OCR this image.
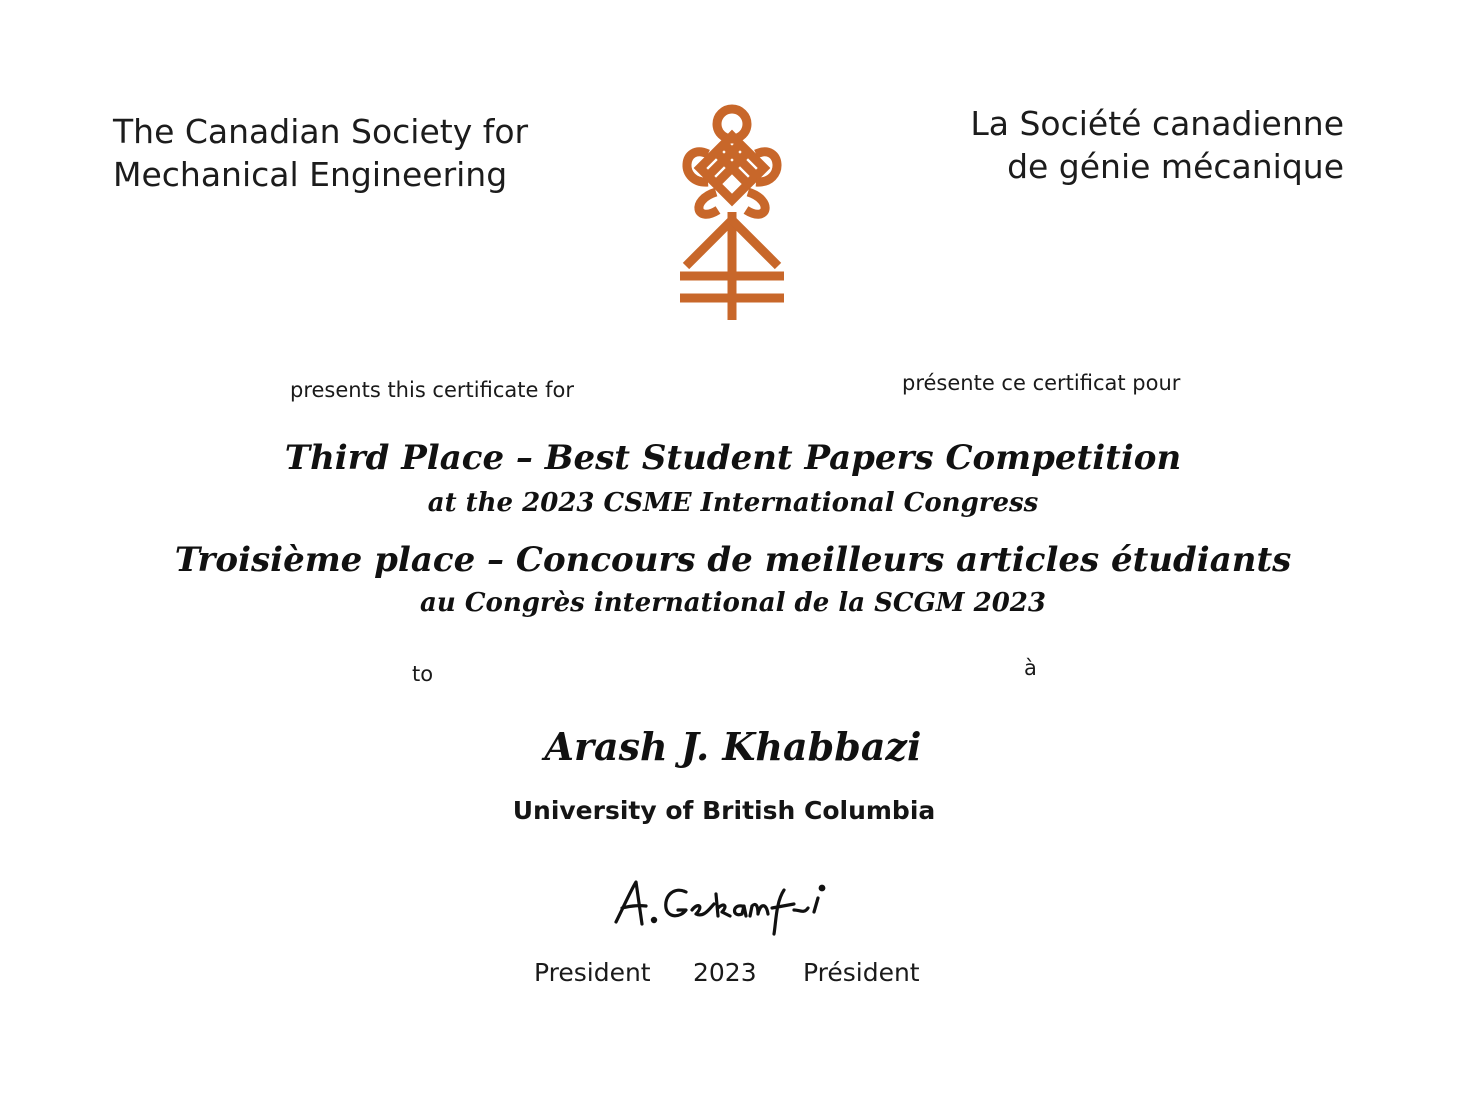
The Canadian Society for
Mechanical Engineering
La Société canadienne
de génie mécanique
presents this certificate for	présente ce certificat pour
Third Place – Best Student Papers Competition
at the 2023 CSME International Congress
Troisième place – Concours de meilleurs articles étudiants
au Congrès international de la SCGM 2023
to	à
Arash J. Khabbazi
University of British Columbia
President 2023 Président
